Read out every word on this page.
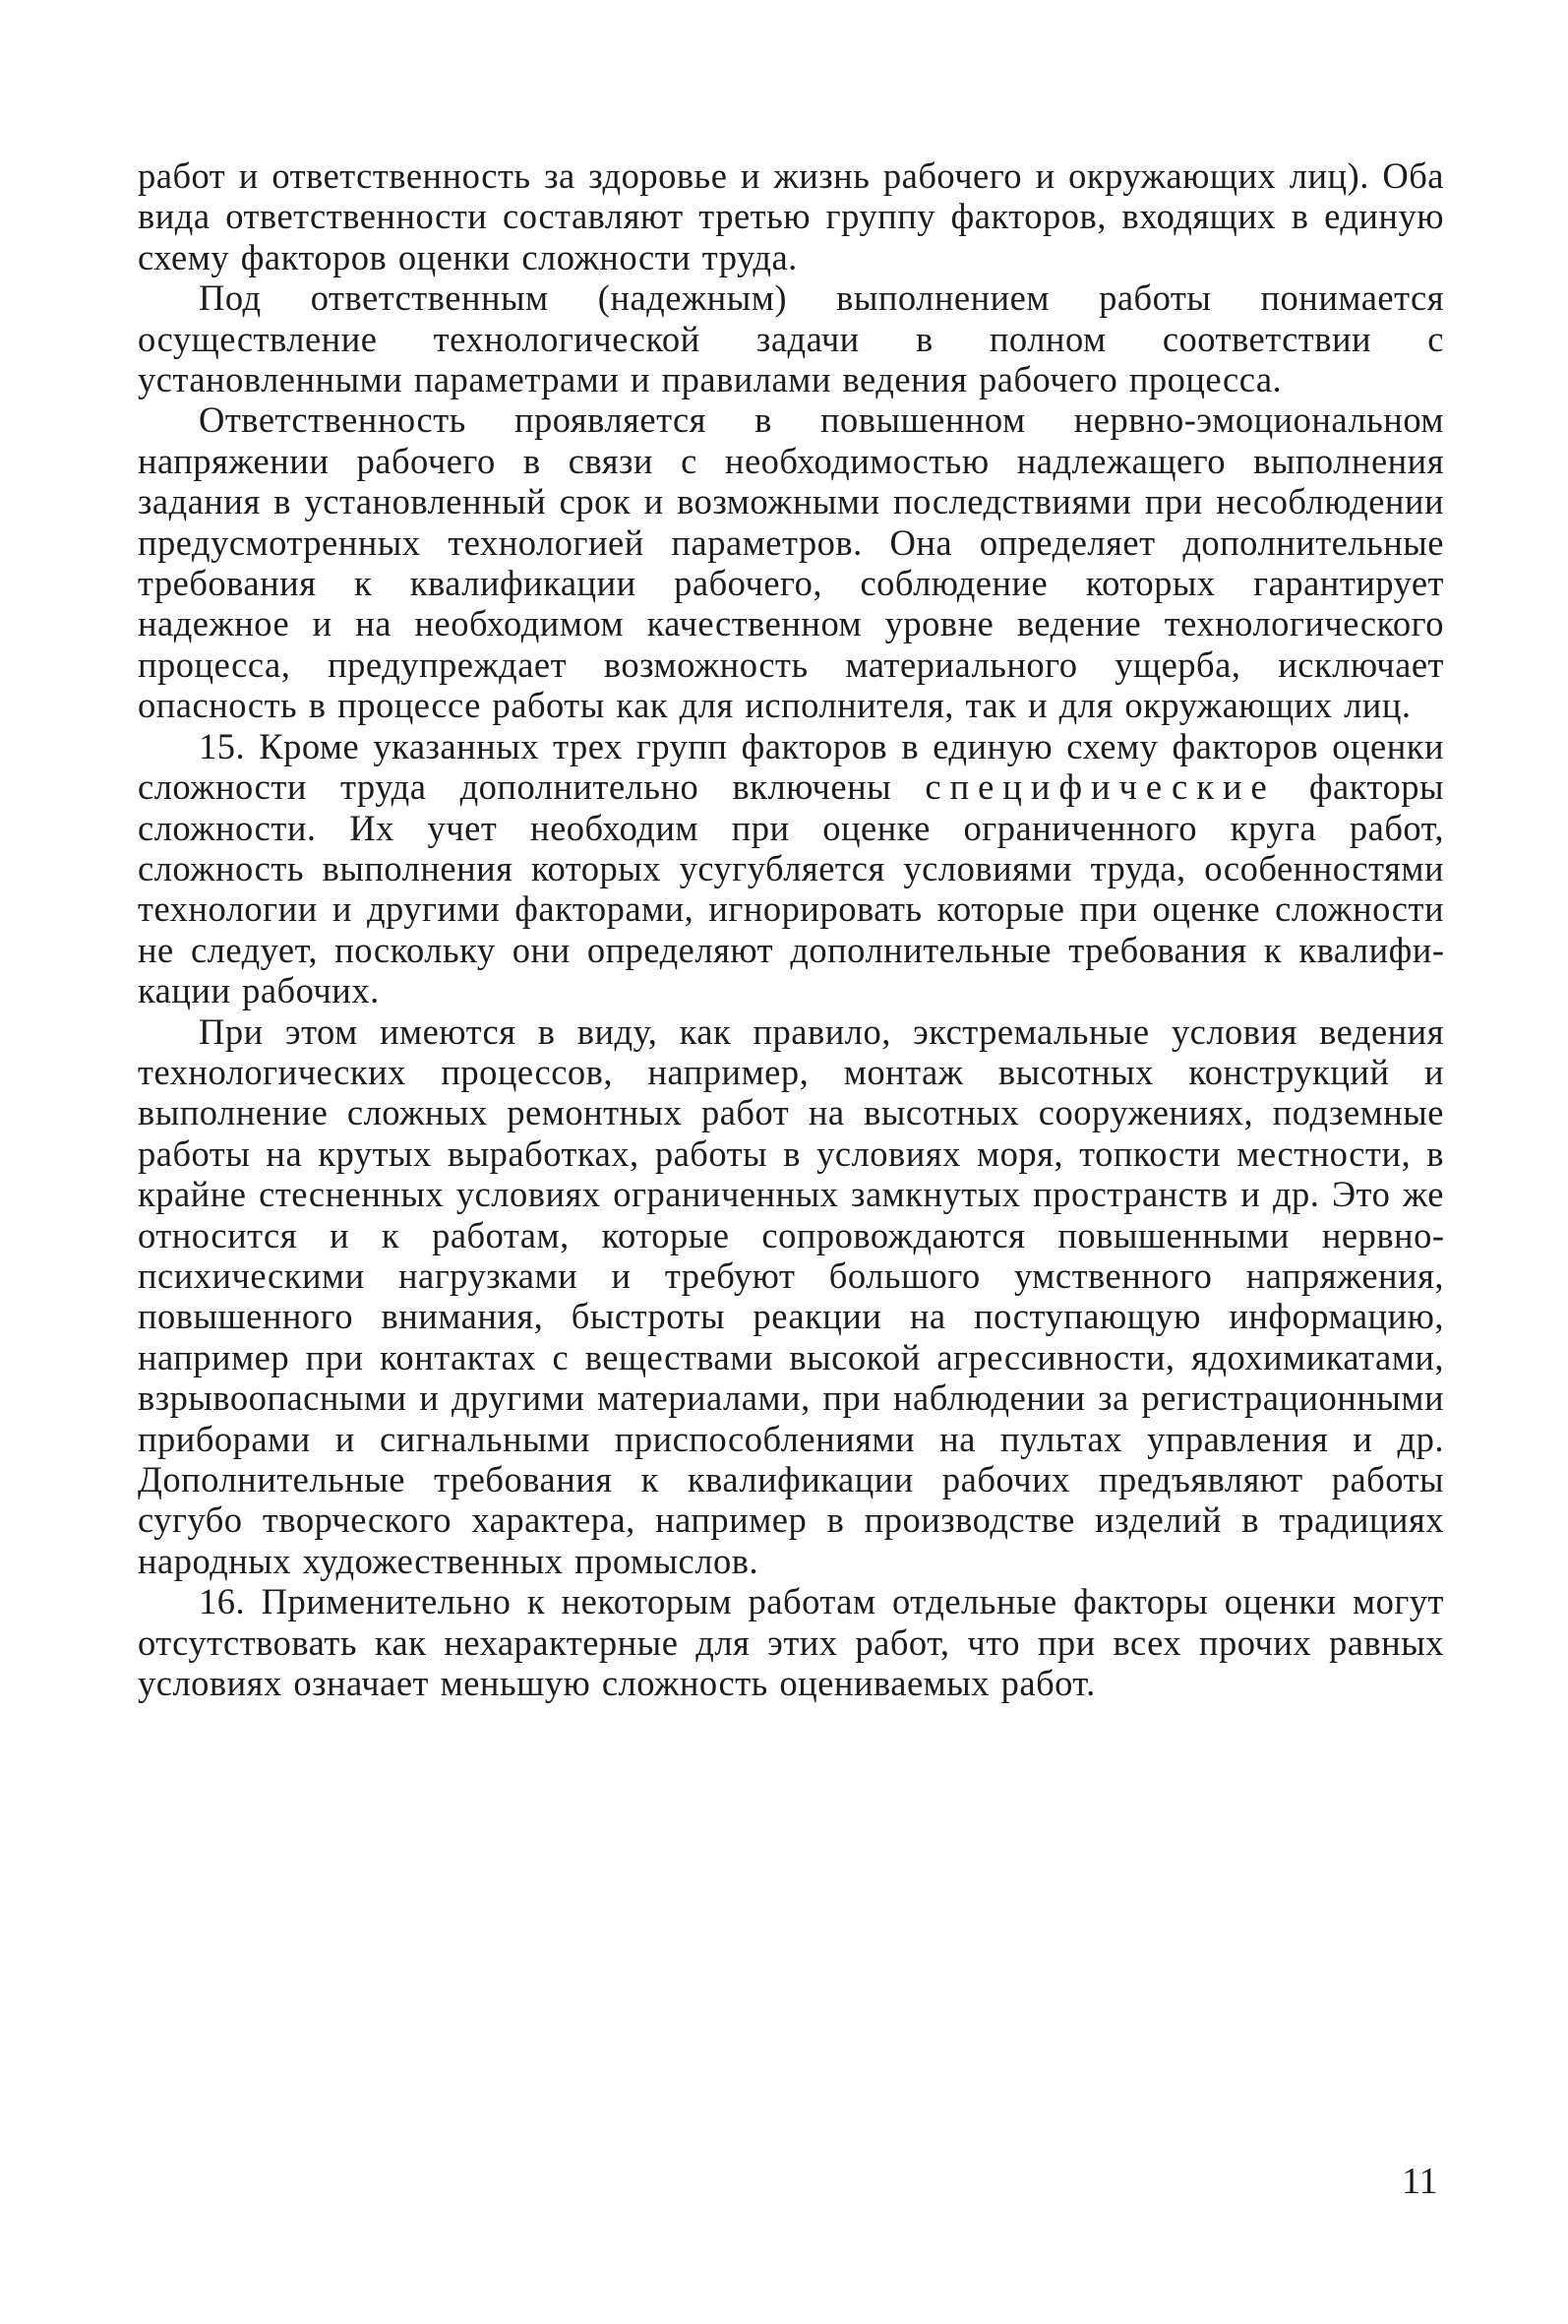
работ и ответственность за здоровье и жизнь рабочего и окружающих лиц). Оба вида ответственности составляют третью группу факторов, входящих в единую схему факторов оценки сложности труда.

Под ответственным (надежным) выполнением работы понимается осуществление технологической задачи в полном соответствии с установленными параметрами и правилами ведения рабочего процесса.

Ответственность проявляется в повышенном нервно-эмоциональном напряжении рабочего в связи с необходимостью надлежащего выполнения задания в установленный срок и возможными последствиями при несоблюдении предусмотренных технологией параметров. Она определяет дополнительные требования к квалификации рабочего, соблюдение которых гарантирует надежное и на необходимом качественном уровне ведение технологического процесса, предупреждает возможность материального ущерба, исключает опасность в процессе работы как для исполнителя, так и для окружающих лиц.

15. Кроме указанных трех групп факторов в единую схему факторов оценки сложности труда дополнительно включены специфические факторы сложности. Их учет необходим при оценке ограниченного круга работ, сложность выполнения которых усугубляется условиями труда, особенностями технологии и другими факторами, игнорировать которые при оценке сложности не следует, поскольку они определяют дополнительные требования к квалификации рабочих.

При этом имеются в виду, как правило, экстремальные условия ведения технологических процессов, например, монтаж высотных конструкций и выполнение сложных ремонтных работ на высотных сооружениях, подземные работы на крутых выработках, работы в условиях моря, топкости местности, в крайне стесненных условиях ограниченных замкнутых пространств и др. Это же относится и к работам, которые сопровождаются повышенными нервнопсихическими нагрузками и требуют большого умственного напряжения, повышенного внимания, быстроты реакции на поступающую информацию, например при контактах с веществами высокой агрессивности, ядохимикатами, взрывоопасными и другими материалами, при наблюдении за регистрационными приборами и сигнальными приспособлениями на пультах управления и др. Дополнительные требования к квалификации рабочих предъявляют работы сугубо творческого характера, например в производстве изделий в традициях народных художественных промыслов.

16. Применительно к некоторым работам отдельные факторы оценки могут отсутствовать как нехарактерные для этих работ, что при всех прочих равных условиях означает меньшую сложность оцениваемых работ.

11
